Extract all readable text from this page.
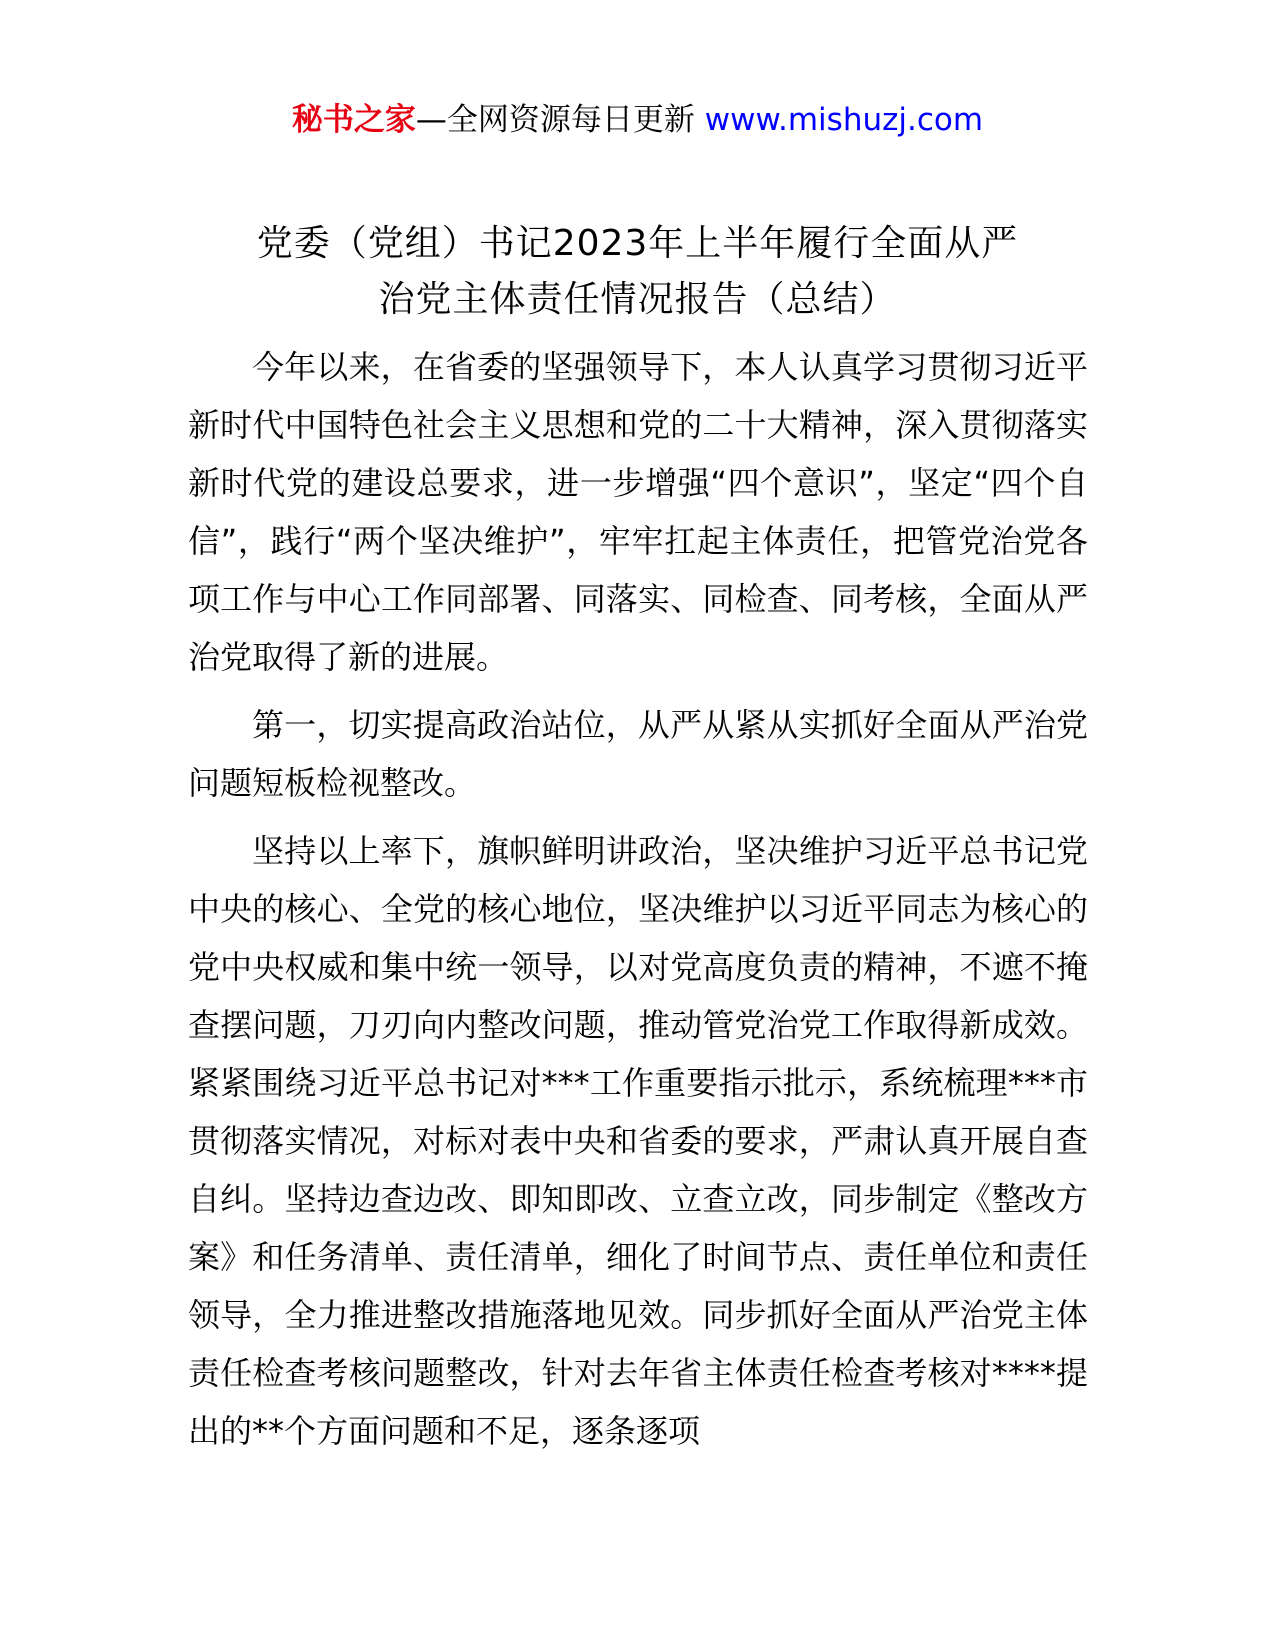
秘书之家—全网资源每日更新 www.mishuzj.com
党委（党组）书记2023年上半年履行全面从严
治党主体责任情况报告（总结）

今年以来，在省委的坚强领导下，本人认真学习贯彻习近平新时代中国特色社会主义思想和党的二十大精神，深入贯彻落实新时代党的建设总要求，进一步增强“四个意识”，坚定“四个自信”，践行“两个坚决维护”，牢牢扛起主体责任，把管党治党各项工作与中心工作同部署、同落实、同检查、同考核，全面从严治党取得了新的进展。

第一，切实提高政治站位，从严从紧从实抓好全面从严治党问题短板检视整改。

坚持以上率下，旗帜鲜明讲政治，坚决维护习近平总书记党中央的核心、全党的核心地位，坚决维护以习近平同志为核心的党中央权威和集中统一领导，以对党高度负责的精神，不遮不掩查摆问题，刀刃向内整改问题，推动管党治党工作取得新成效。紧紧围绕习近平总书记对***工作重要指示批示，系统梳理***市贯彻落实情况，对标对表中央和省委的要求，严肃认真开展自查自纠。坚持边查边改、即知即改、立查立改，同步制定《整改方案》和任务清单、责任清单，细化了时间节点、责任单位和责任领导，全力推进整改措施落地见效。同步抓好全面从严治党主体责任检查考核问题整改，针对去年省主体责任检查考核对****提出的**个方面问题和不足，逐条逐项
